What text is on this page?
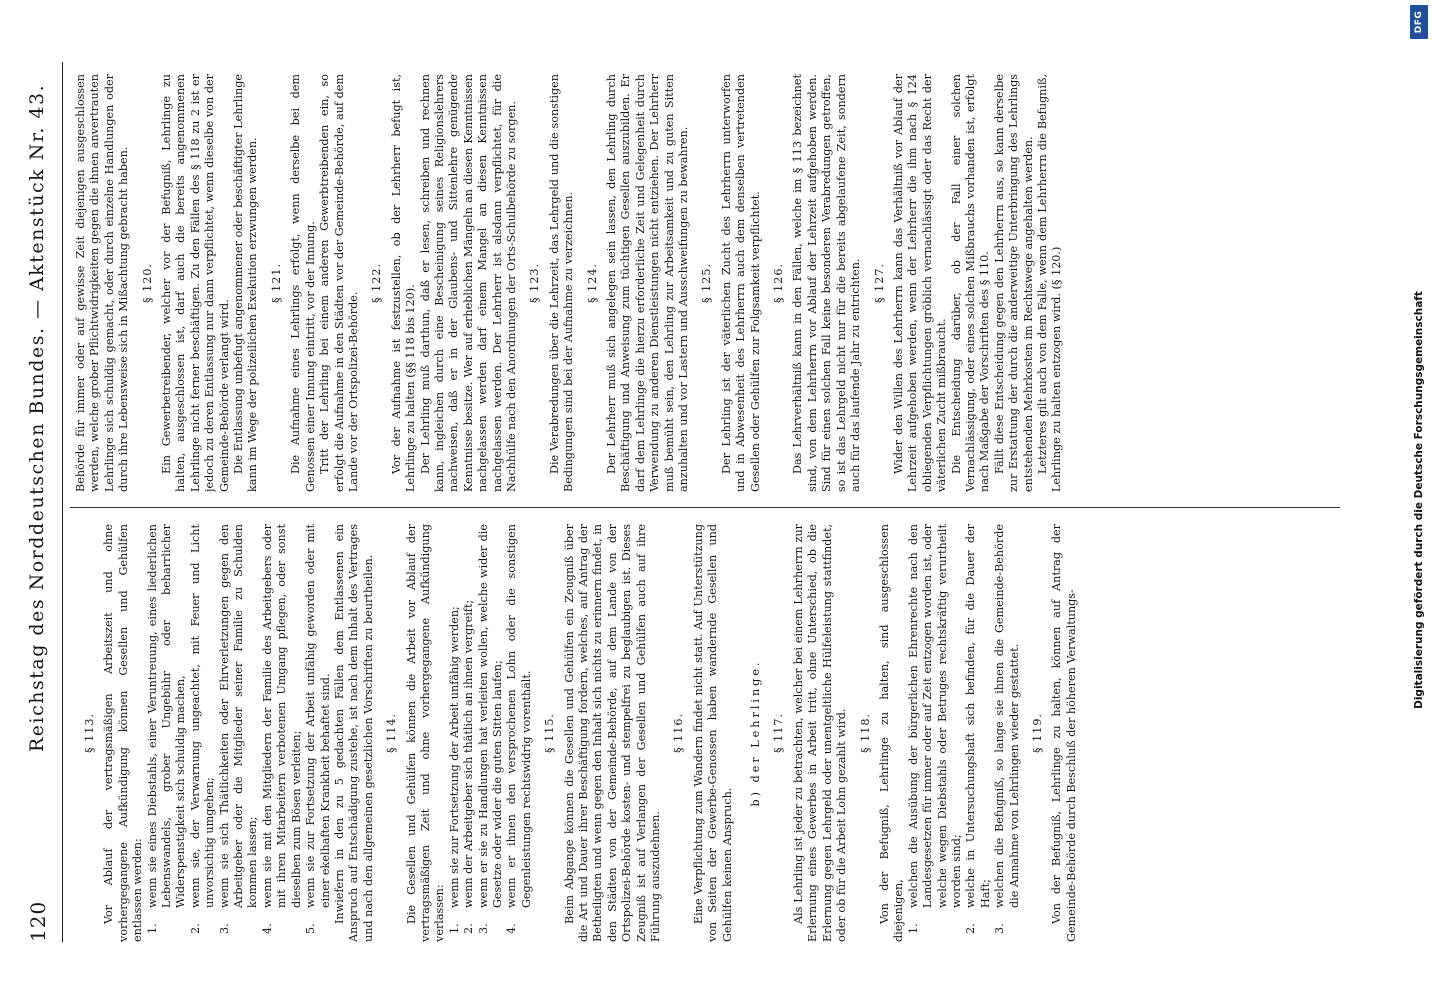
120
Reichstag des Norddeutschen Bundes. — Aktenstück Nr. 43.	§ 113. Vor Ablauf der vertragsmäßigen Arbeitszeit und ohne vorhergegangene Aufkündigung können Gesellen und Gehülfen entlassen werden: 1.
wenn sie eines Diebstahls, einer Veruntreuung, eines liederlichen Lebenswandels, grober Ungebühr oder beharrlicher Widerspenstigkeit sich schuldig machen,
2.
wenn sie, der Verwarnung ungeachtet, mit Feuer und Licht unvorsichtig umgehen;
3.
wenn sie sich Thätlichkeiten oder Ehrverletzungen gegen den Arbeitgeber oder die Mitglieder seiner Familie zu Schulden kommen lassen;
4.
wenn sie mit den Mitgliedern der Familie des Arbeitgebers oder mit ihren Mitarbeitern verbotenen Umgang pflegen, oder sonst dieselben zum Bösen verleiten;
5.
wenn sie zur Fortsetzung der Arbeit unfähig geworden oder mit einer ekelhaften Krankheit behaftet sind. Inwiefern in den zu 5 gedachten Fällen dem Entlassenen ein Anspruch auf Entschädigung zustehe, ist nach dem Inhalt des Vertrages und nach den allgemeinen gesetzlichen Vorschriften zu beurtheilen. § 114. Die Gesellen und Gehülfen können die Arbeit vor Ablauf der vertragsmäßigen Zeit und ohne vorhergegangene Aufkündigung verlassen: 1.
wenn sie zur Fortsetzung der Arbeit unfähig werden;
2.
wenn der Arbeitgeber sich thätlich an ihnen vergreift;
3.
wenn er sie zu Handlungen hat verleiten wollen, welche wider die Gesetze oder wider die guten Sitten laufen;
4.
wenn er ihnen den versprochenen Lohn oder die sonstigen Gegenleistungen rechtswidrig vorenthält. § 115. Beim Abgange können die Gesellen und Gehülfen ein Zeugniß über die Art und Dauer ihrer Beschäftigung fordern, welches, auf Antrag der Betheiligten und wenn gegen den Inhalt sich nichts zu erinnern findet, in den Städten von der Gemeinde-Behörde, auf dem Lande von der Ortspolizei-Behörde kosten- und stempelfrei zu beglaubigen ist. Dieses Zeugniß ist auf Verlangen der Gesellen und Gehülfen auch auf ihre Führung auszudehnen.

§ 116. Eine Verpflichtung zum Wandern findet nicht statt. Auf Unterstützung von Seiten der Gewerbe-Genossen haben wandernde Gesellen und Gehülfen keinen Anspruch.

b) der Lehrlinge. § 117. Als Lehrling ist jeder zu betrachten, welcher bei einem Lehrherrn zur Erlernung eines Gewerbes in Arbeit tritt, ohne Unterschied, ob die Erlernung gegen Lehrgeld oder unentgeltliche Hülfeleistung stattfindet, oder ob für die Arbeit Lohn gezahlt wird. § 118. Von der Befugniß, Lehrlinge zu halten, sind ausgeschlossen diejenigen, 1.
welchen die Ausübung der bürgerlichen Ehrenrechte nach den Landesgesetzen für immer oder auf Zeit entzogen worden ist, oder welche wegen Diebstahls oder Betruges rechtskräftig verurtheilt worden sind;
2.
welche in Untersuchungshaft sich befinden, für die Dauer der Haft;
3.
welchen die Befugniß, so lange sie ihnen die Gemeinde-Behörde die Annahme von Lehrlingen wieder gestattet. § 119. Von der Befugniß, Lehrlinge zu halten, können auf Antrag der Gemeinde-Behörde durch Beschluß der höheren Verwaltungs-

Behörde für immer oder auf gewisse Zeit diejenigen ausgeschlossen werden, welche grober Pflichtwidrigkeiten gegen die ihnen anvertrauten Lehrlinge sich schuldig gemacht, oder durch einzelne Handlungen oder durch ihre Lebensweise sich in Mißachtung gebracht haben. § 120. Ein Gewerbetreibender, welcher vor der Befugniß, Lehrlinge zu halten, ausgeschlossen ist, darf auch die bereits angenommenen Lehrlinge nicht ferner beschäftigen. Zu den Fällen des § 118 zu 2 ist er jedoch zu deren Entlassung nur dann verpflichtet, wenn dieselbe von der Gemeinde-Behörde verlangt wird. Die Entlassung unbefugt angenommener oder beschäftigter Lehrlinge kann im Wege der polizeilichen Exekution erzwungen werden. § 121. Die Aufnahme eines Lehrlings erfolgt, wenn derselbe bei dem Genossen einer Innung eintritt, vor der Innung. Tritt der Lehrling bei einem anderen Gewerbtreibenden ein, so erfolgt die Aufnahme in den Städten vor der Gemeinde-Behörde, auf dem Lande vor der Ortspolizei-Behörde.

§ 122. Vor der Aufnahme ist festzustellen, ob der Lehrherr befugt ist, Lehrlinge zu halten (§§ 118 bis 120). Der Lehrling muß darthun, daß er lesen, schreiben und rechnen kann, ingleichen durch eine Bescheinigung seines Religionslehrers nachweisen, daß er in der Glaubens- und Sittenlehre genügende Kenntnisse besitze. Wer auf erheblichen Mängeln an diesen Kenntnissen nachgelassen werden darf einem Mangel an diesen Kenntnissen nachgelassen werden. Der Lehrherr ist alsdann verpflichtet, für die Nachhülfe nach den Anordnungen der Orts-Schulbehörde zu sorgen. § 123. Die Verabredungen über die Lehrzeit, das Lehrgeld und die sonstigen Bedingungen sind bei der Aufnahme zu verzeichnen. § 124. Der Lehrherr muß sich angelegen sein lassen, den Lehrling durch Beschäftigung und Anweisung zum tüchtigen Gesellen auszubilden. Er darf dem Lehrlinge die hierzu erforderliche Zeit und Gelegenheit durch Verwendung zu anderen Dienstleistungen nicht entziehen. Der Lehrherr muß bemüht sein, den Lehrling zur Arbeitsamkeit und zu guten Sitten anzuhalten und vor Lastern und Ausschweifungen zu bewahren. § 125. Der Lehrling ist der väterlichen Zucht des Lehrherrn unterworfen und in Abwesenheit des Lehrherrn auch dem denselben vertretenden Gesellen oder Gehülfen zur Folgsamkeit verpflichtet. § 126. Das Lehrverhältniß kann in den Fällen, welche im § 113 bezeichnet sind, von dem Lehrherrn vor Ablauf der Lehrzeit aufgehoben werden. Sind für einen solchen Fall keine besonderen Verabredungen getroffen, so ist das Lehrgeld nicht nur für die bereits abgelaufene Zeit, sondern auch für das laufende Jahr zu entrichten. § 127. Wider den Willen des Lehrherrn kann das Verhältniß vor Ablauf der Lehrzeit aufgehoben werden, wenn der Lehrherr die ihm nach § 124 obliegenden Verpflichtungen gröblich vernachlässigt oder das Recht der väterlichen Zucht mißbraucht. Die Entscheidung darüber, ob der Fall einer solchen Vernachlässigung, oder eines solchen Mißbrauchs vorhanden ist, erfolgt nach Maßgabe der Vorschriften des § 110. Fällt diese Entscheidung gegen den Lehrherrn aus, so kann derselbe zur Erstattung der durch die anderweitige Unterbringung des Lehrlings entstehenden Mehrkosten im Rechtswege angehalten werden. Letzteres gilt auch von dem Falle, wenn dem Lehrherrn die Befugniß, Lehrlinge zu halten entzogen wird. (§ 120.)

DFG
Digitalisierung gefördert durch die Deutsche Forschungsgemeinschaft
